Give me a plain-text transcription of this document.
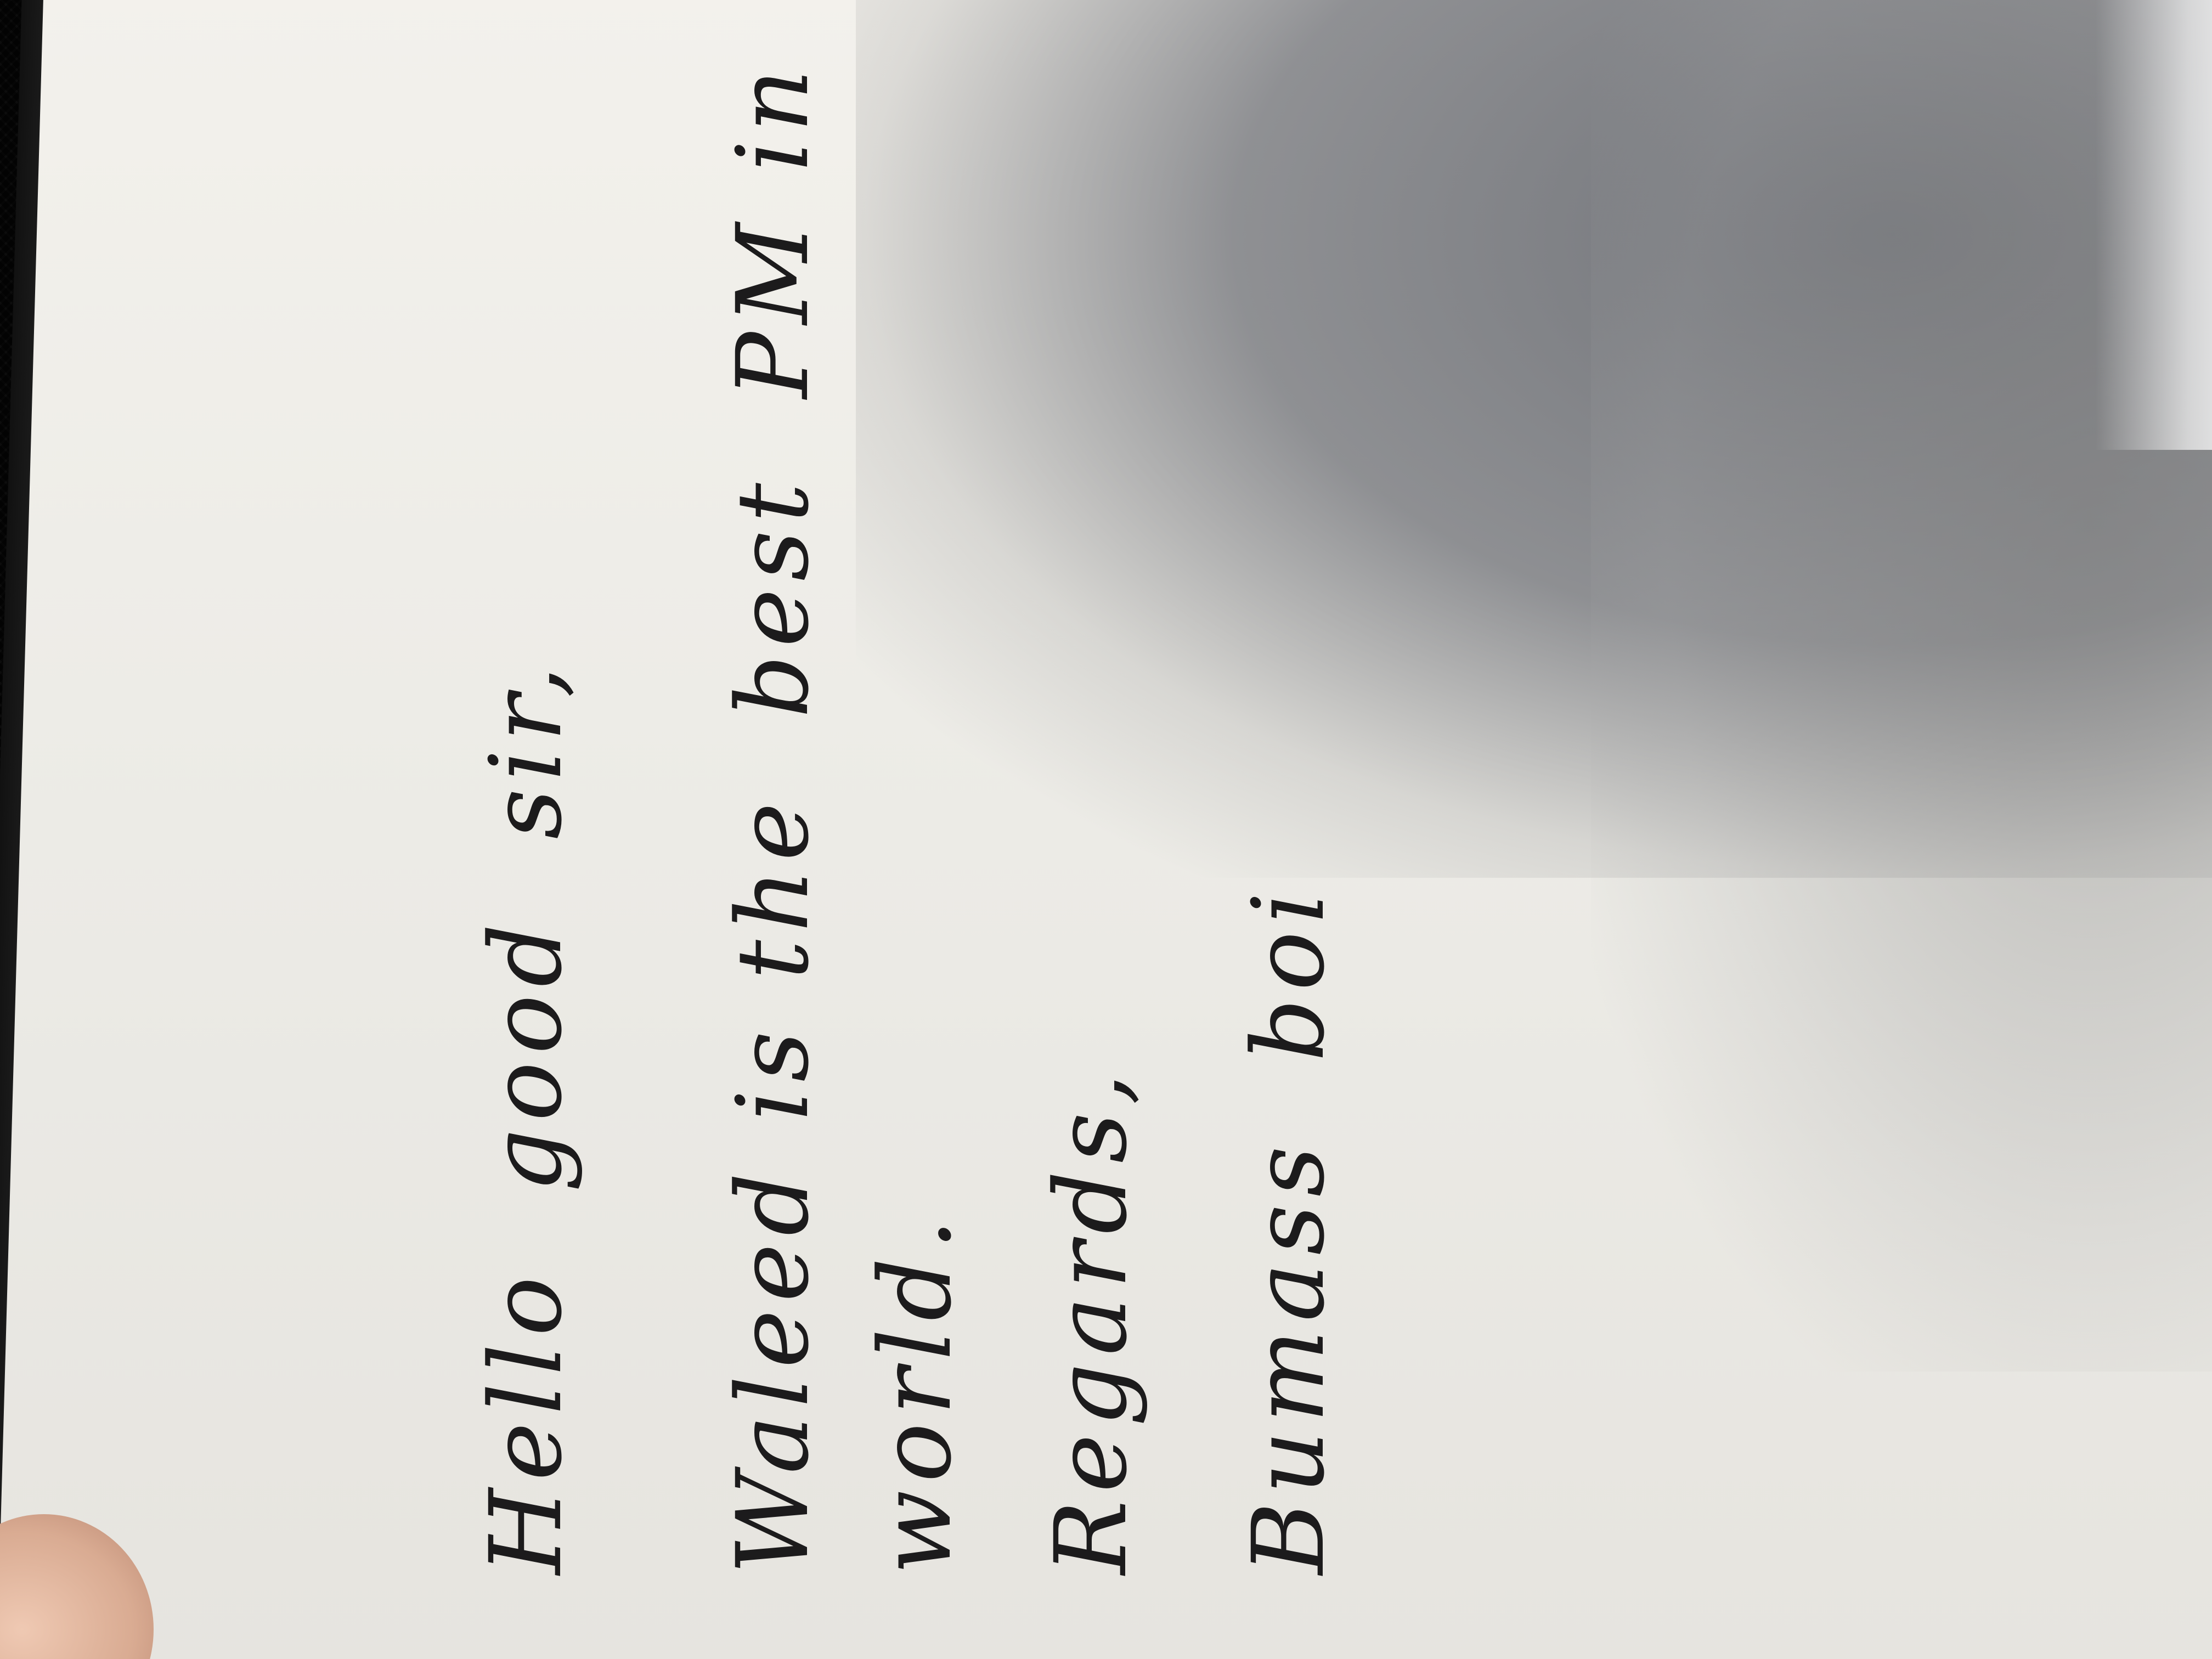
Hellogoodsir,
WaleedisthebestPMin
world. Regards, Bumassboi
